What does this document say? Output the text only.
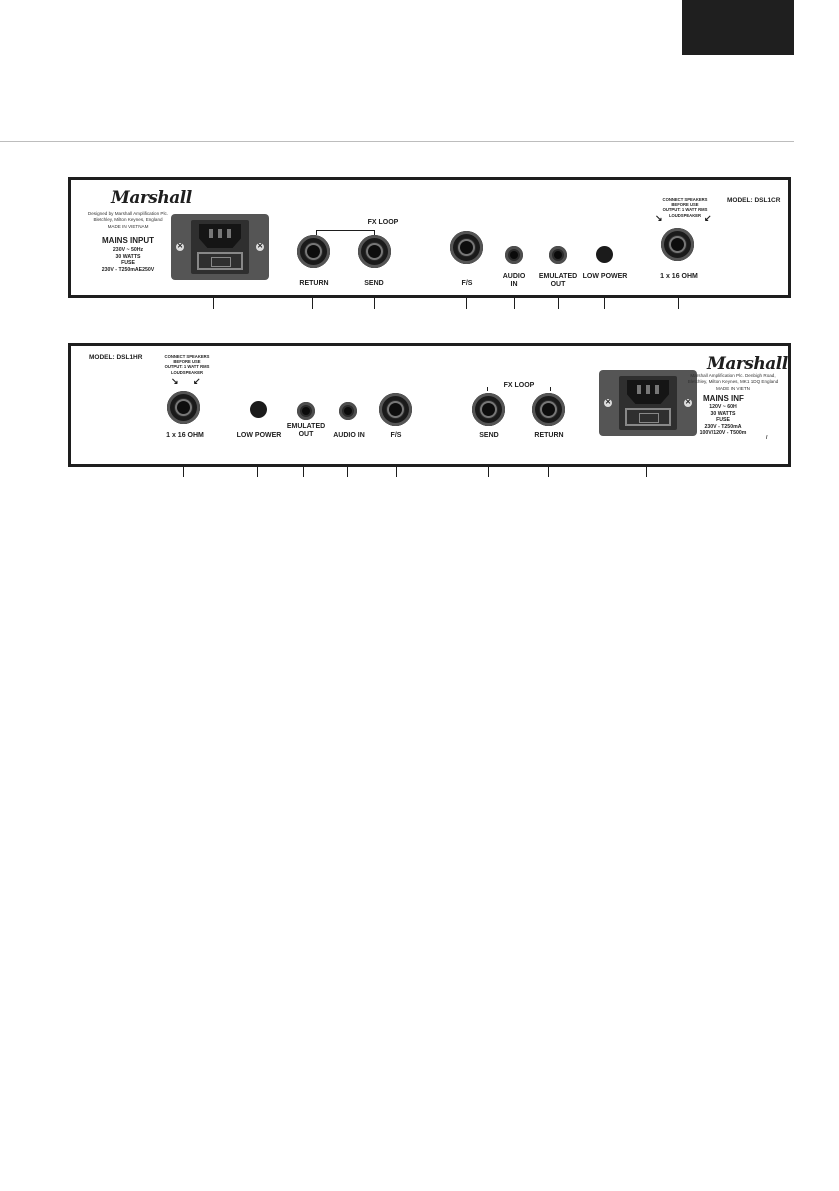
Marshall
Designed by Marshall Amplification Plc.
Bletchley, Milton Keynes, England
MADE IN VIETNAM
MAINS INPUT
230V ~ 50Hz
30 WATTS
FUSE
230V - T250mAE250V
✕	✕
FX LOOP
RETURN	SEND	F/S
AUDIO
IN
EMULATED
OUT
LOW POWER
CONNECT SPEAKERS
BEFORE USE
OUTPUT: 1 WATT RMS
LOUDSPEAKER
↘	↙
1 x 16 OHM
MODEL: DSL1CR
MODEL: DSL1HR	CONNECT SPEAKERS
BEFORE USE
OUTPUT: 1 WATT RMS
LOUDSPEAKER
↘ ↙
1 x 16 OHM	LOW POWER
EMULATED
OUT	AUDIO IN	F/S
FX LOOP
SEND	RETURN
✕	✕
Marshall
Marshall Amplification Plc. Denbigh Road,
Bletchley, Milton Keynes, MK1 1DQ England
MADE IN VIETN
MAINS INF
120V ~ 60H
30 WATTS
FUSE
230V - T250mA
100V/120V - T500m
/
